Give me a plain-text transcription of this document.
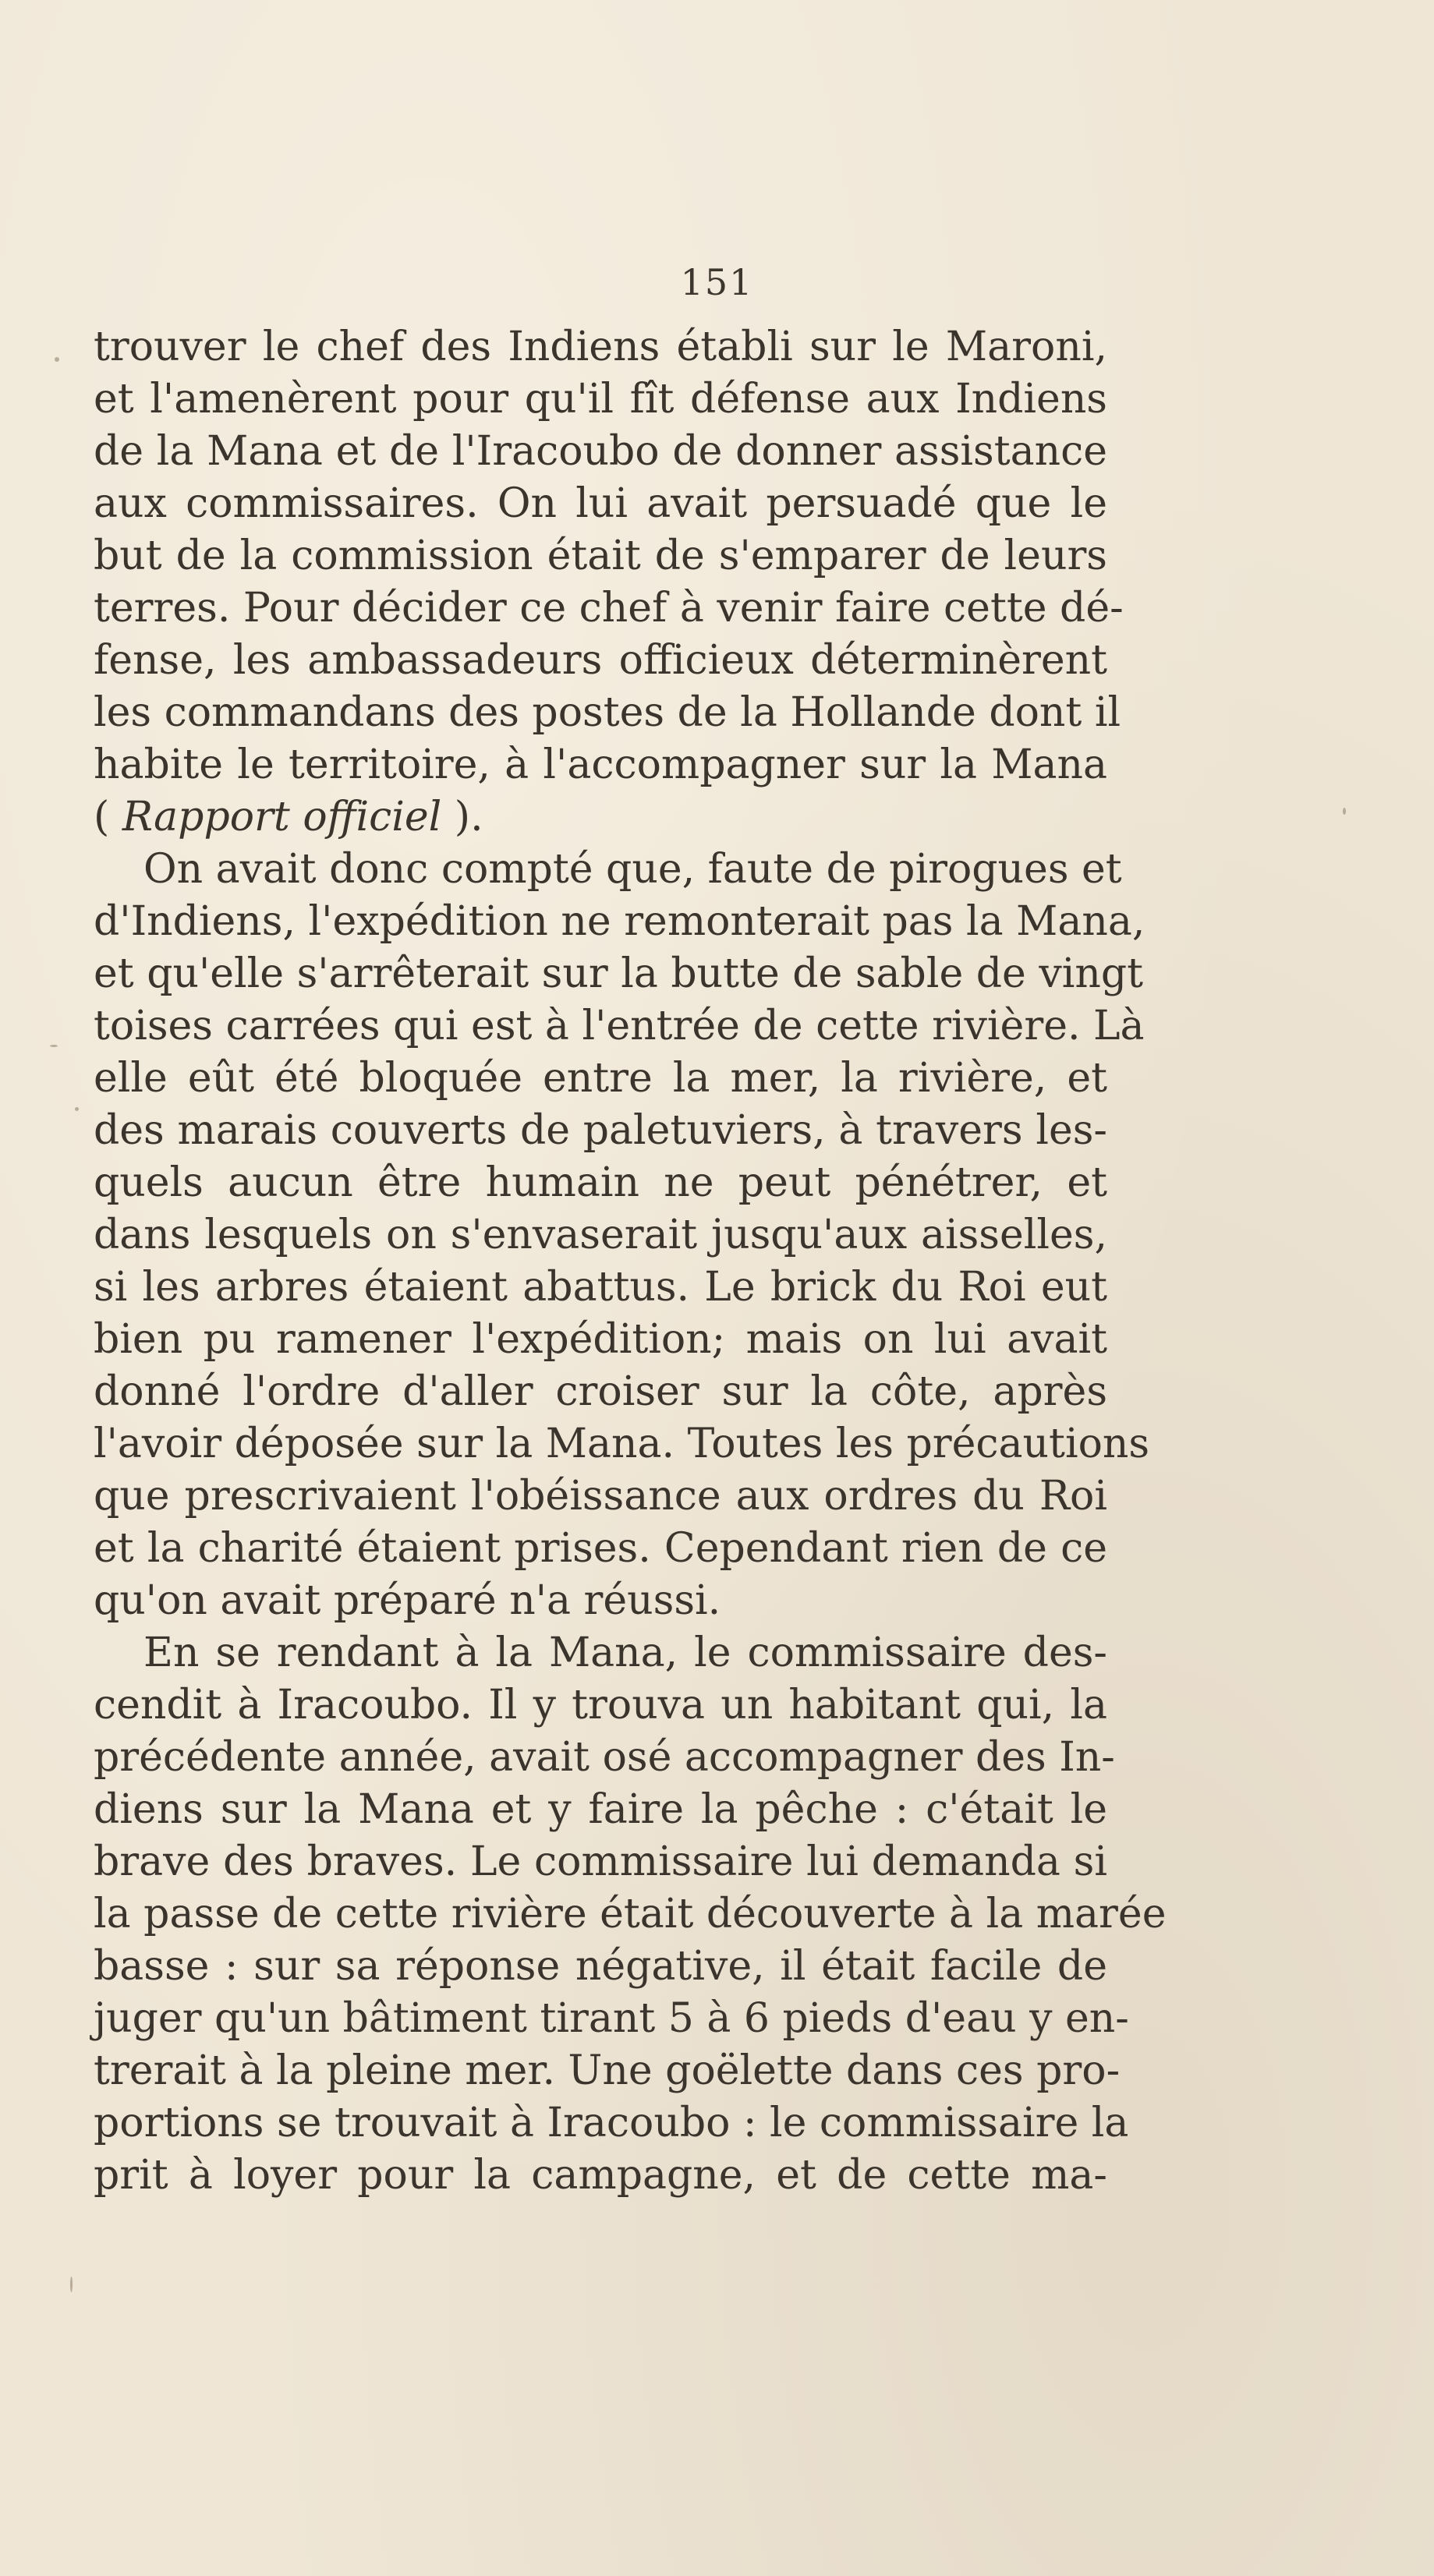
151
trouver le chef des Indiens établi sur le Maroni,
et l'amenèrent pour qu'il fît défense aux Indiens
de la Mana et de l'Iracoubo de donner assistance
aux commissaires. On lui avait persuadé que le
but de la commission était de s'emparer de leurs
terres. Pour décider ce chef à venir faire cette dé-
fense, les ambassadeurs officieux déterminèrent
les commandans des postes de la Hollande dont il
habite le territoire, à l'accompagner sur la Mana
( Rapport officiel ).
On avait donc compté que, faute de pirogues et
d'Indiens, l'expédition ne remonterait pas la Mana,
et qu'elle s'arrêterait sur la butte de sable de vingt
toises carrées qui est à l'entrée de cette rivière. Là
elle eût été bloquée entre la mer, la rivière, et
des marais couverts de paletuviers, à travers les-
quels aucun être humain ne peut pénétrer, et
dans lesquels on s'envaserait jusqu'aux aisselles,
si les arbres étaient abattus. Le brick du Roi eut
bien pu ramener l'expédition; mais on lui avait
donné l'ordre d'aller croiser sur la côte, après
l'avoir déposée sur la Mana. Toutes les précautions
que prescrivaient l'obéissance aux ordres du Roi
et la charité étaient prises. Cependant rien de ce
qu'on avait préparé n'a réussi.
En se rendant à la Mana, le commissaire des-
cendit à Iracoubo. Il y trouva un habitant qui, la
précédente année, avait osé accompagner des In-
diens sur la Mana et y faire la pêche : c'était le
brave des braves. Le commissaire lui demanda si
la passe de cette rivière était découverte à la marée
basse : sur sa réponse négative, il était facile de
juger qu'un bâtiment tirant 5 à 6 pieds d'eau y en-
trerait à la pleine mer. Une goëlette dans ces pro-
portions se trouvait à Iracoubo : le commissaire la
prit à loyer pour la campagne, et de cette ma-
